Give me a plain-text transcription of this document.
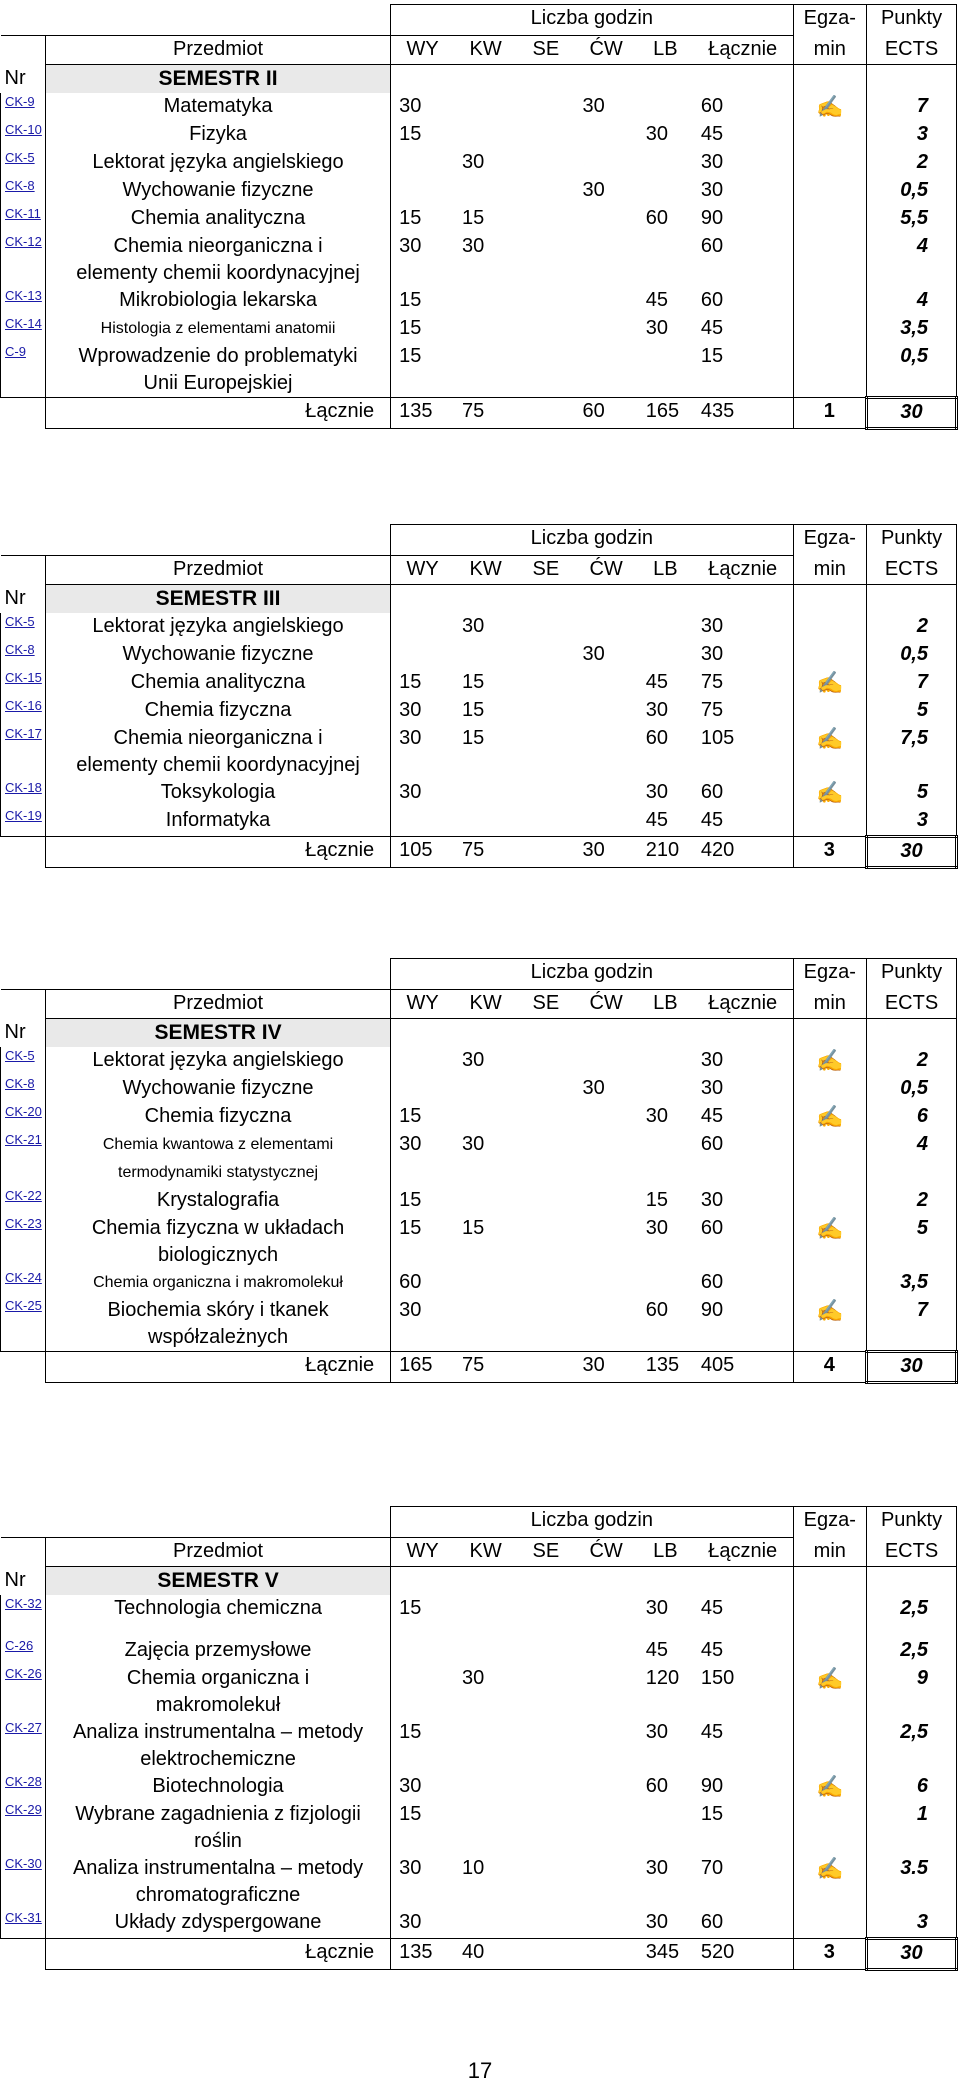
		Liczba godzin						Egza-	Punkty
	Przedmiot	WY	KW	SE	ĆW	LB	Łącznie	min	ECTS
Nr	SEMESTR II								
CK-9	Matematyka	30			30		60	✍	7
CK-10	Fizyka	15				30	45		3
CK-5	Lektorat języka angielskiego		30				30		2
CK-8	Wychowanie fizyczne				30		30		0,5
CK-11	Chemia analityczna	15	15			60	90		5,5
CK-12	Chemia nieorganiczna i
elementy chemii koordynacyjnej	30	30				60		4
CK-13	Mikrobiologia lekarska	15				45	60		4
CK-14	Histologia z elementami anatomii	15				30	45		3,5
C-9	Wprowadzenie do problematyki
Unii Europejskiej	15					15		0,5
	Łącznie	135	75		60	165	435	1	30
		Liczba godzin						Egza-	Punkty
	Przedmiot	WY	KW	SE	ĆW	LB	Łącznie	min	ECTS
Nr	SEMESTR III								
CK-5	Lektorat języka angielskiego		30				30		2
CK-8	Wychowanie fizyczne				30		30		0,5
CK-15	Chemia analityczna	15	15			45	75	✍	7
CK-16	Chemia fizyczna	30	15			30	75		5
CK-17	Chemia nieorganiczna i
elementy chemii koordynacyjnej	30	15			60	105	✍	7,5
CK-18	Toksykologia	30				30	60	✍	5
CK-19	Informatyka					45	45		3
	Łącznie	105	75		30	210	420	3	30
		Liczba godzin						Egza-	Punkty
	Przedmiot	WY	KW	SE	ĆW	LB	Łącznie	min	ECTS
Nr	SEMESTR IV								
CK-5	Lektorat języka angielskiego		30				30	✍	2
CK-8	Wychowanie fizyczne				30		30		0,5
CK-20	Chemia fizyczna	15				30	45	✍	6
CK-21	Chemia kwantowa z elementami
termodynamiki statystycznej	30	30				60		4
CK-22	Krystalografia	15				15	30		2
CK-23	Chemia fizyczna w układach
biologicznych	15	15			30	60	✍	5
CK-24	Chemia organiczna i makromolekuł	60					60		3,5
CK-25	Biochemia skóry i tkanek
współzależnych	30				60	90	✍	7
	Łącznie	165	75		30	135	405	4	30
		Liczba godzin						Egza-	Punkty
	Przedmiot	WY	KW	SE	ĆW	LB	Łącznie	min	ECTS
Nr	SEMESTR V								
CK-32	Technologia chemiczna	15				30	45		2,5

C-26	Zajęcia przemysłowe					45	45		2,5
CK-26	Chemia organiczna i
makromolekuł		30			120	150	✍	9
CK-27	Analiza instrumentalna – metody
elektrochemiczne	15				30	45		2,5
CK-28	Biotechnologia	30				60	90	✍	6
CK-29	Wybrane zagadnienia z fizjologii
roślin	15					15		1
CK-30	Analiza instrumentalna – metody
chromatograficzne	30	10			30	70	✍	3.5
CK-31	Układy zdyspergowane	30				30	60		3
	Łącznie	135	40			345	520	3	30
17
